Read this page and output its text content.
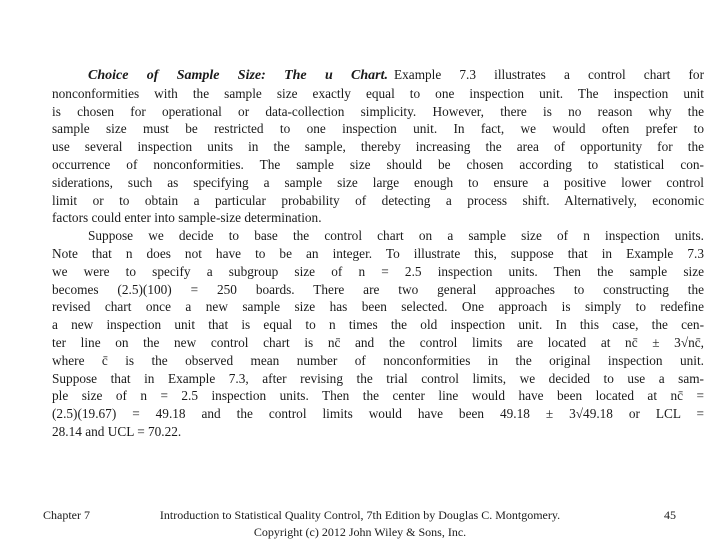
Choice of Sample Size: The u Chart. Example 7.3 illustrates a control chart for
nonconformities with the sample size exactly equal to one inspection unit. The inspection unit
is chosen for operational or data-collection simplicity. However, there is no reason why the
sample size must be restricted to one inspection unit. In fact, we would often prefer to
use several inspection units in the sample, thereby increasing the area of opportunity for the
occurrence of nonconformities. The sample size should be chosen according to statistical con-
siderations, such as specifying a sample size large enough to ensure a positive lower control
limit or to obtain a particular probability of detecting a process shift. Alternatively, economic
factors could enter into sample-size determination.
Suppose we decide to base the control chart on a sample size of n inspection units.
Note that n does not have to be an integer. To illustrate this, suppose that in Example 7.3
we were to specify a subgroup size of n = 2.5 inspection units. Then the sample size
becomes (2.5)(100) = 250 boards. There are two general approaches to constructing the
revised chart once a new sample size has been selected. One approach is simply to redefine
a new inspection unit that is equal to n times the old inspection unit. In this case, the cen-
ter line on the new control chart is nc̄ and the control limits are located at nc̄ ± 3√nc̄,
where c̄ is the observed mean number of nonconformities in the original inspection unit.
Suppose that in Example 7.3, after revising the trial control limits, we decided to use a sam-
ple size of n = 2.5 inspection units. Then the center line would have been located at nc̄ =
(2.5)(19.67) = 49.18 and the control limits would have been 49.18 ± 3√49.18 or LCL =
28.14 and UCL = 70.22.
Chapter 7	Introduction to Statistical Quality Control, 7th Edition by Douglas C. Montgomery.
Copyright (c) 2012 John Wiley & Sons, Inc.
45
